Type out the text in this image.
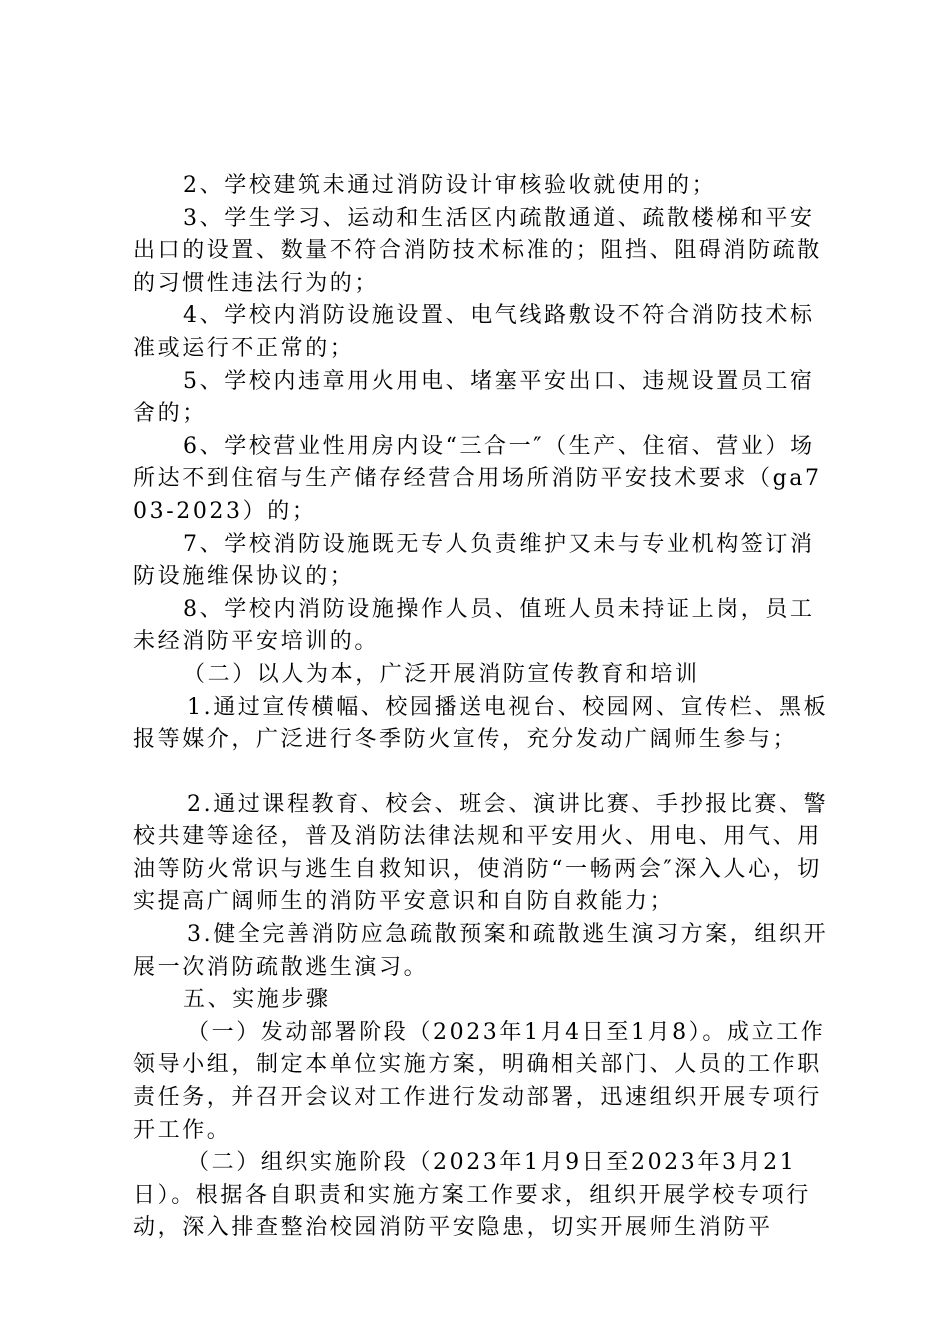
2、学校建筑未通过消防设计审核验收就使用的；

3、学生学习、运动和生活区内疏散通道、疏散楼梯和平安出口的设置、数量不符合消防技术标准的；阻挡、阻碍消防疏散的习惯性违法行为的；

4、学校内消防设施设置、电气线路敷设不符合消防技术标准或运行不正常的；

5、学校内违章用火用电、堵塞平安出口、违规设置员工宿舍的；

6、学校营业性用房内设“三合一″（生产、住宿、营业）场所达不到住宿与生产储存经营合用场所消防平安技术要求（ga703-2023）的；

7、学校消防设施既无专人负责维护又未与专业机构签订消防设施维保协议的；

8、学校内消防设施操作人员、值班人员未持证上岗，员工未经消防平安培训的。

（二）以人为本，广泛开展消防宣传教育和培训

1.通过宣传横幅、校园播送电视台、校园网、宣传栏、黑板报等媒介，广泛进行冬季防火宣传，充分发动广阔师生参与；

2.通过课程教育、校会、班会、演讲比赛、手抄报比赛、警校共建等途径，普及消防法律法规和平安用火、用电、用气、用油等防火常识与逃生自救知识，使消防“一畅两会″深入人心，切实提高广阔师生的消防平安意识和自防自救能力；

3.健全完善消防应急疏散预案和疏散逃生演习方案，组织开展一次消防疏散逃生演习。

五、实施步骤

（一）发动部署阶段（2023年1月4日至1月8）。成立工作领导小组，制定本单位实施方案，明确相关部门、人员的工作职责任务，并召开会议对工作进行发动部署，迅速组织开展专项行开工作。

（二）组织实施阶段（2023年1月9日至2023年3月21日）。根据各自职责和实施方案工作要求，组织开展学校专项行动，深入排查整治校园消防平安隐患，切实开展师生消防平
